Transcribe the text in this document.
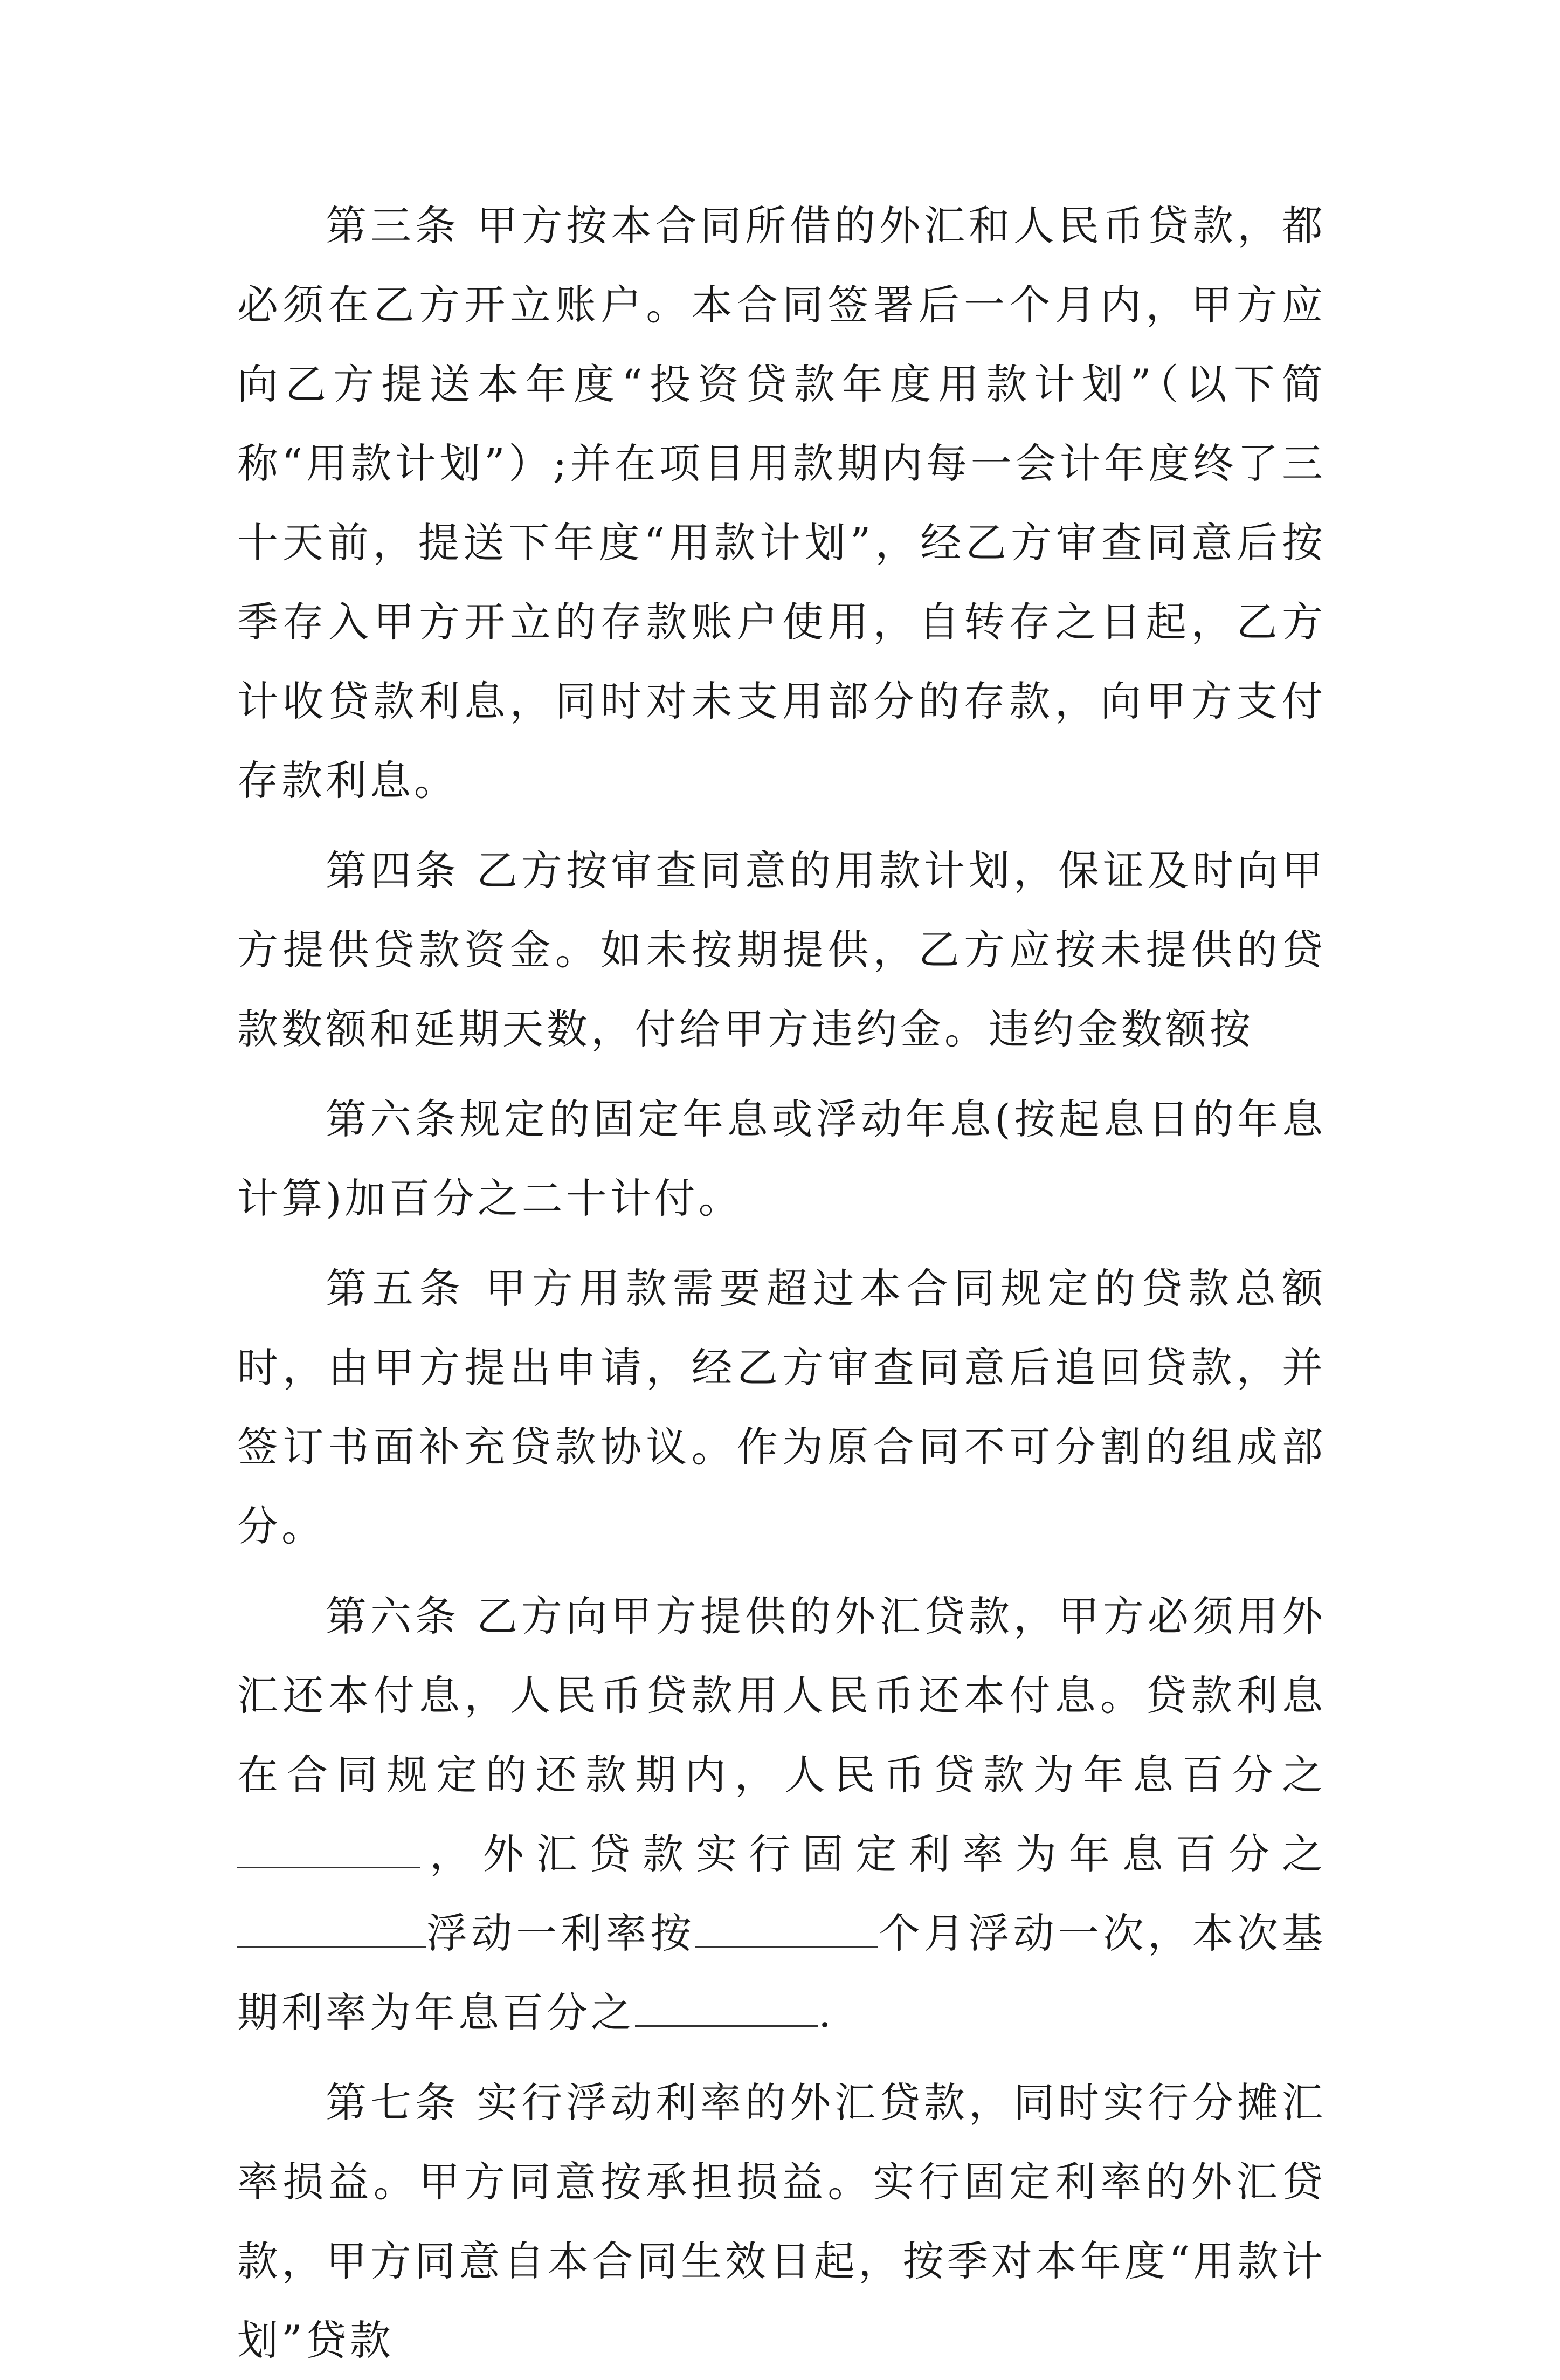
第三条 甲方按本合同所借的外汇和人民币贷款，都必须在乙方开立账户。本合同签署后一个月内，甲方应向乙方提送本年度“投资贷款年度用款计划”（以下简称“用款计划”）;并在项目用款期内每一会计年度终了三十天前，提送下年度“用款计划”，经乙方审查同意后按季存入甲方开立的存款账户使用，自转存之日起，乙方计收贷款利息，同时对未支用部分的存款，向甲方支付存款利息。

第四条 乙方按审查同意的用款计划，保证及时向甲方提供贷款资金。如未按期提供，乙方应按未提供的贷款数额和延期天数，付给甲方违约金。违约金数额按

第六条规定的固定年息或浮动年息(按起息日的年息计算)加百分之二十计付。

第五条 甲方用款需要超过本合同规定的贷款总额时，由甲方提出申请，经乙方审查同意后追回贷款，并签订书面补充贷款协议。作为原合同不可分割的组成部分。

第六条 乙方向甲方提供的外汇贷款，甲方必须用外汇还本付息，人民币贷款用人民币还本付息。贷款利息在合同规定的还款期内，人民币贷款为年息百分之 ，外汇贷款实行固定利率为年息百分之浮动一利率按	个月浮动一次，本次基期利率为年息百分之	.

第七条 实行浮动利率的外汇贷款，同时实行分摊汇率损益。甲方同意按承担损益。实行固定利率的外汇贷款，甲方同意自本合同生效日起，按季对本年度“用款计划”贷款
